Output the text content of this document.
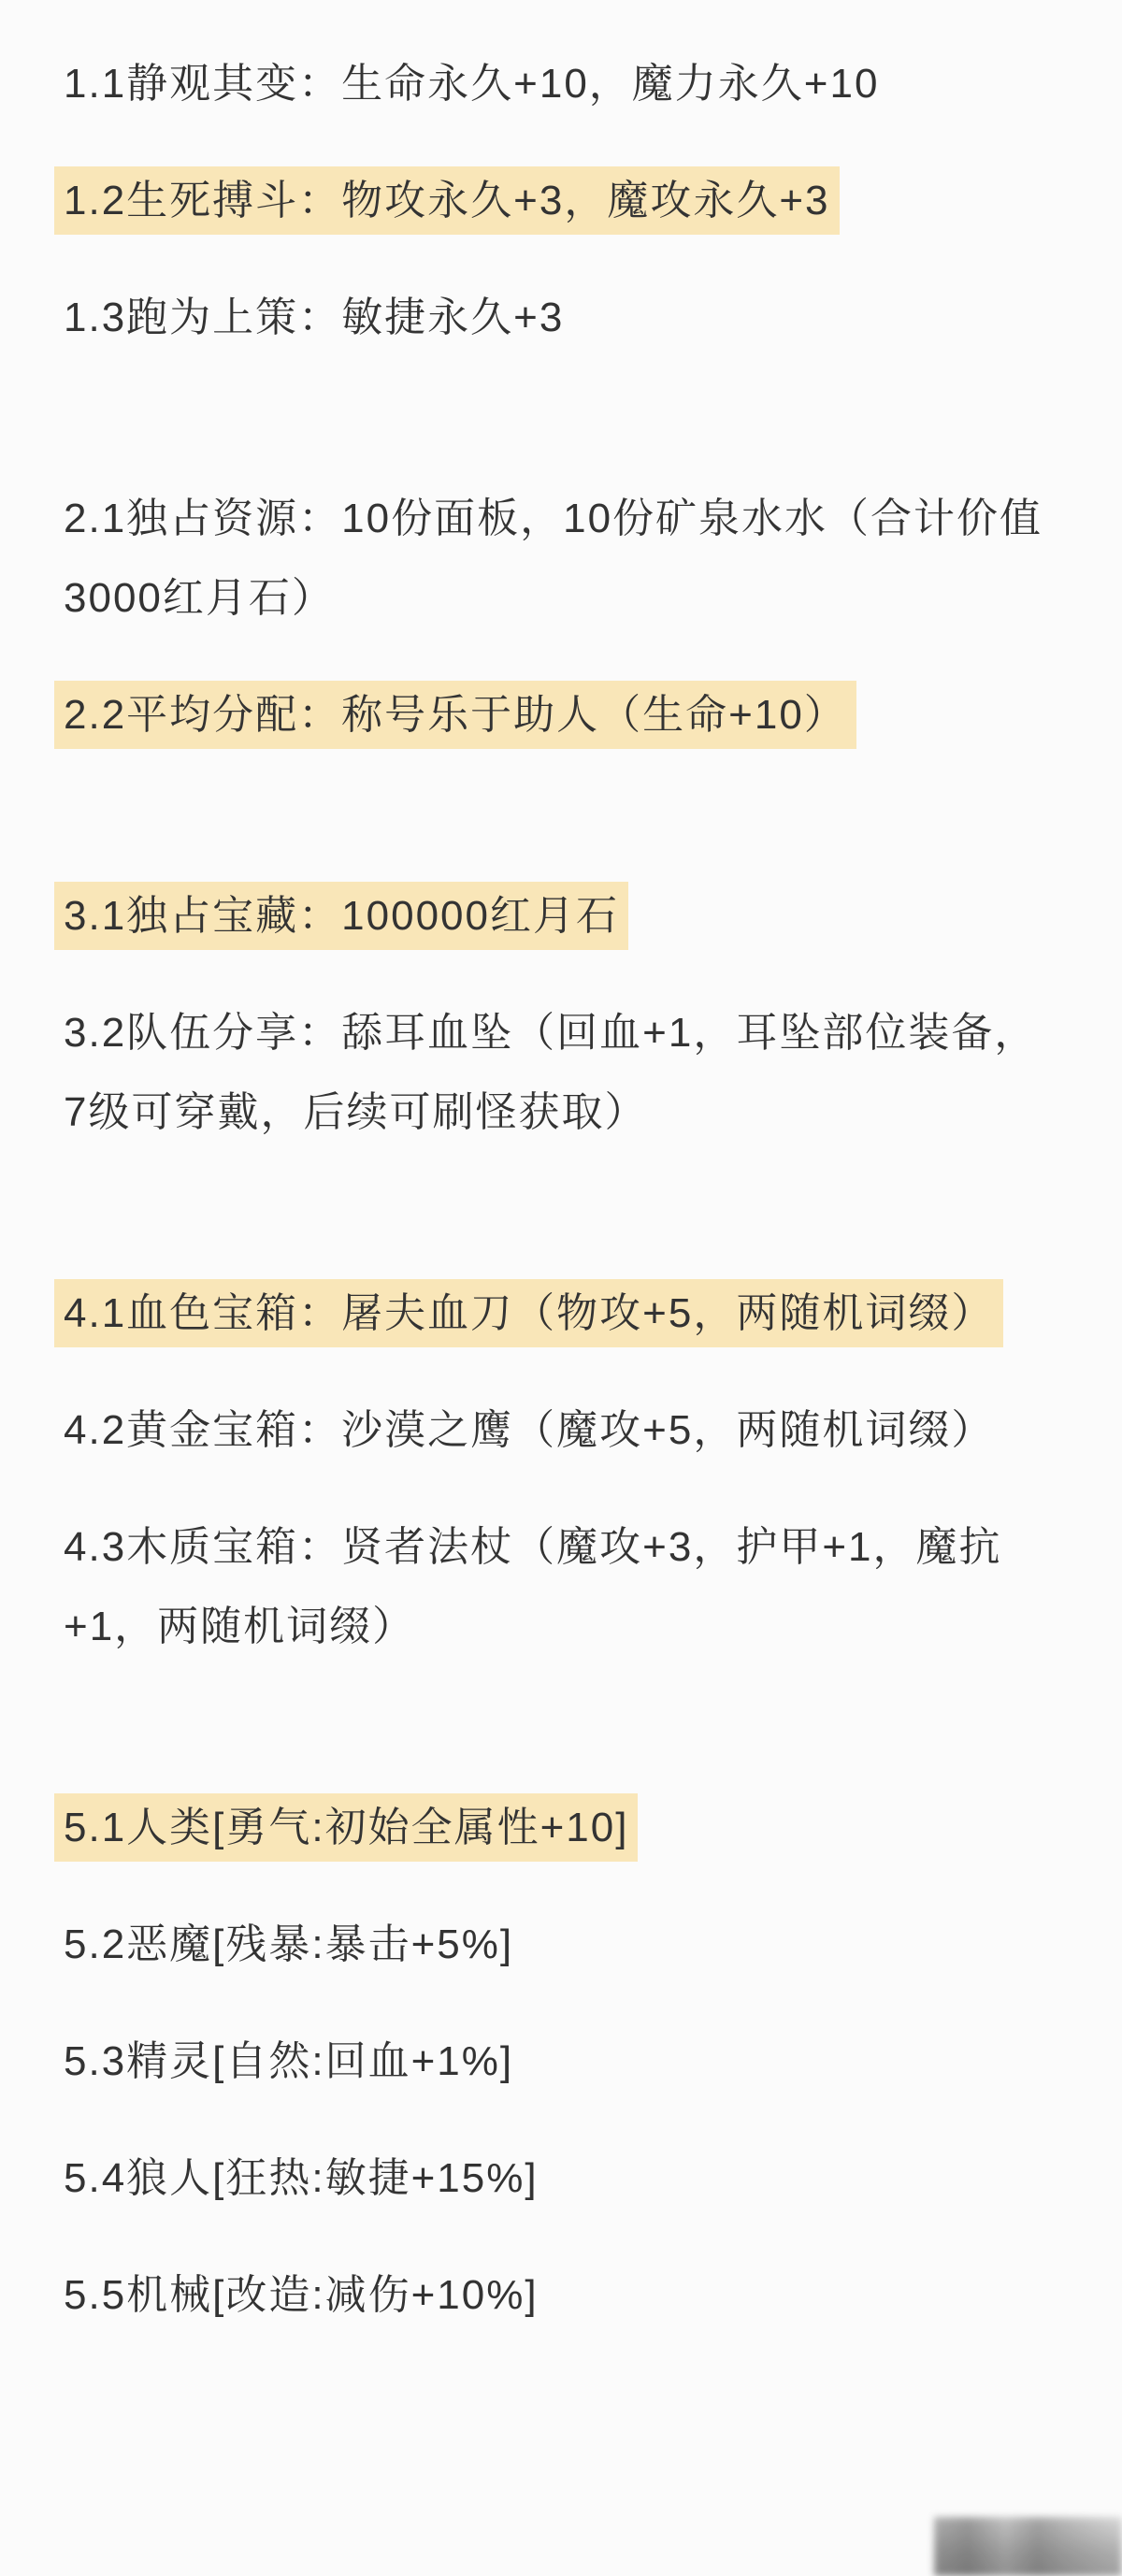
1.1静观其变：生命永久+10，魔力永久+10

1.2生死搏斗：物攻永久+3，魔攻永久+3

1.3跑为上策：敏捷永久+3

2.1独占资源：10份面板，10份矿泉水水（合计价值3000红月石）

2.2平均分配：称号乐于助人（生命+10）

3.1独占宝藏：100000红月石

3.2队伍分享：舔耳血坠（回血+1，耳坠部位装备，7级可穿戴，后续可刷怪获取）

4.1血色宝箱：屠夫血刀（物攻+5，两随机词缀）

4.2黄金宝箱：沙漠之鹰（魔攻+5，两随机词缀）

4.3木质宝箱：贤者法杖（魔攻+3，护甲+1，魔抗+1，两随机词缀）

5.1人类[勇气:初始全属性+10]

5.2恶魔[残暴:暴击+5%]

5.3精灵[自然:回血+1%]

5.4狼人[狂热:敏捷+15%]

5.5机械[改造:减伤+10%]
